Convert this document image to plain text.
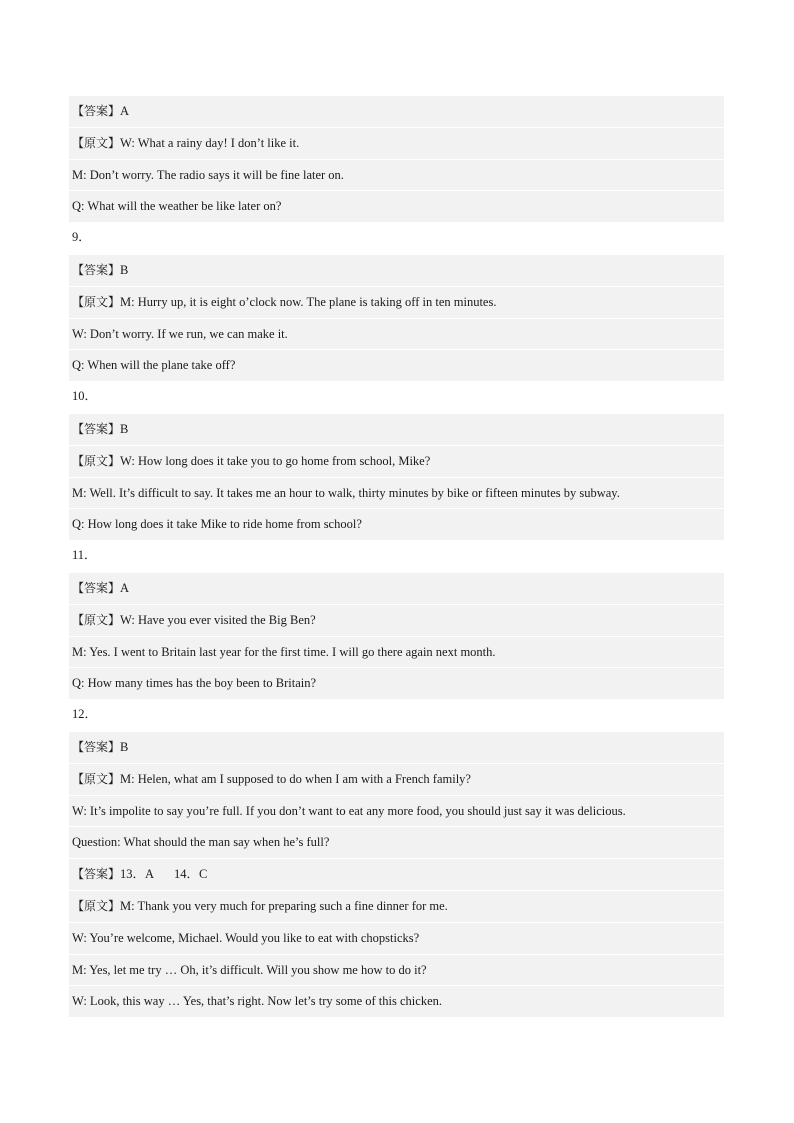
【答案】A
【原文】W: What a rainy day! I don’t like it.
M: Don’t worry. The radio says it will be fine later on.
Q: What will the weather be like later on?
9．
【答案】B
【原文】M: Hurry up, it is eight o’clock now. The plane is taking off in ten minutes.
W: Don’t worry. If we run, we can make it.
Q: When will the plane take off?
10．
【答案】B
【原文】W: How long does it take you to go home from school, Mike?
M: Well. It’s difficult to say. It takes me an hour to walk, thirty minutes by bike or fifteen minutes by subway.
Q: How long does it take Mike to ride home from school?
11．
【答案】A
【原文】W: Have you ever visited the Big Ben?
M: Yes. I went to Britain last year for the first time. I will go there again next month.
Q: How many times has the boy been to Britain?
12．
【答案】B
【原文】M: Helen, what am I supposed to do when I am with a French family?
W: It’s impolite to say you’re full. If you don’t want to eat any more food, you should just say it was delicious.
Question: What should the man say when he’s full?
【答案】13．A 14．C
【原文】M: Thank you very much for preparing such a fine dinner for me.
W: You’re welcome, Michael. Would you like to eat with chopsticks?
M: Yes, let me try … Oh, it’s difficult. Will you show me how to do it?
W: Look, this way … Yes, that’s right. Now let’s try some of this chicken.
